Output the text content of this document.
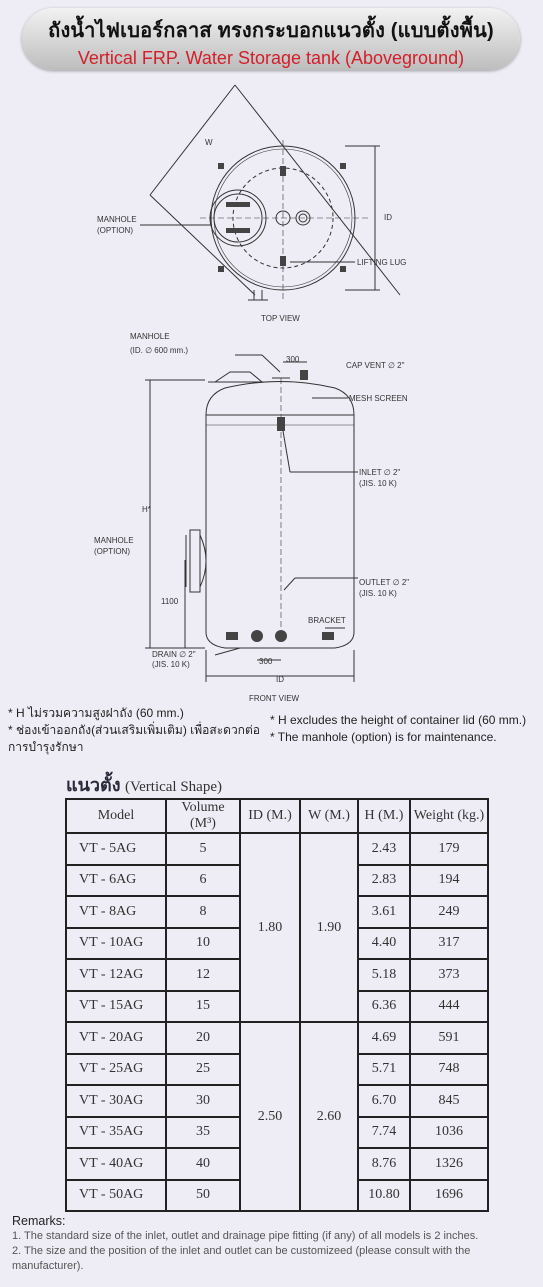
ถังน้ำไฟเบอร์กลาส ทรงกระบอกแนวตั้ง (แบบตั้งพื้น)
Vertical FRP. Water Storage tank (Aboveground)
W
ID
MANHOLE
(OPTION)
LIFTING LUG
TOP VIEW
MANHOLE
(ID. ∅ 600 mm.)
300
CAP VENT ∅ 2"
MESH SCREEN
INLET ∅ 2"
(JIS. 10 K)
H*
MANHOLE
(OPTION)
1100
OUTLET ∅ 2"
(JIS. 10 K)
BRACKET
DRAIN ∅ 2"
(JIS. 10 K)	300
ID
FRONT VIEW
* H ไม่รวมความสูงฝาถัง (60 mm.)
* ช่องเข้าออกถัง(ส่วนเสริมเพิ่มเติม) เพื่อสะดวกต่อการบำรุงรักษา
* H excludes the height of container lid (60 mm.)
* The manhole (option) is for maintenance.
แนวตั้ง (Vertical Shape)
Model	Volume (M³)	ID (M.)	W (M.)	H (M.)	Weight (kg.)
VT - 5AG	5	1.80	1.90	2.43	179
VT - 6AG	6			2.83	194
VT - 8AG	8			3.61	249
VT - 10AG	10			4.40	317
VT - 12AG	12			5.18	373
VT - 15AG	15			6.36	444
VT - 20AG	20	2.50	2.60	4.69	591
VT - 25AG	25			5.71	748
VT - 30AG	30			6.70	845
VT - 35AG	35			7.74	1036
VT - 40AG	40			8.76	1326
VT - 50AG	50			10.80	1696
Remarks:
1. The standard size of the inlet, outlet and drainage pipe fitting (if any) of all models is 2 inches.
2. The size and the position of the inlet and outlet can be customizeed (please consult with the manufacturer).
